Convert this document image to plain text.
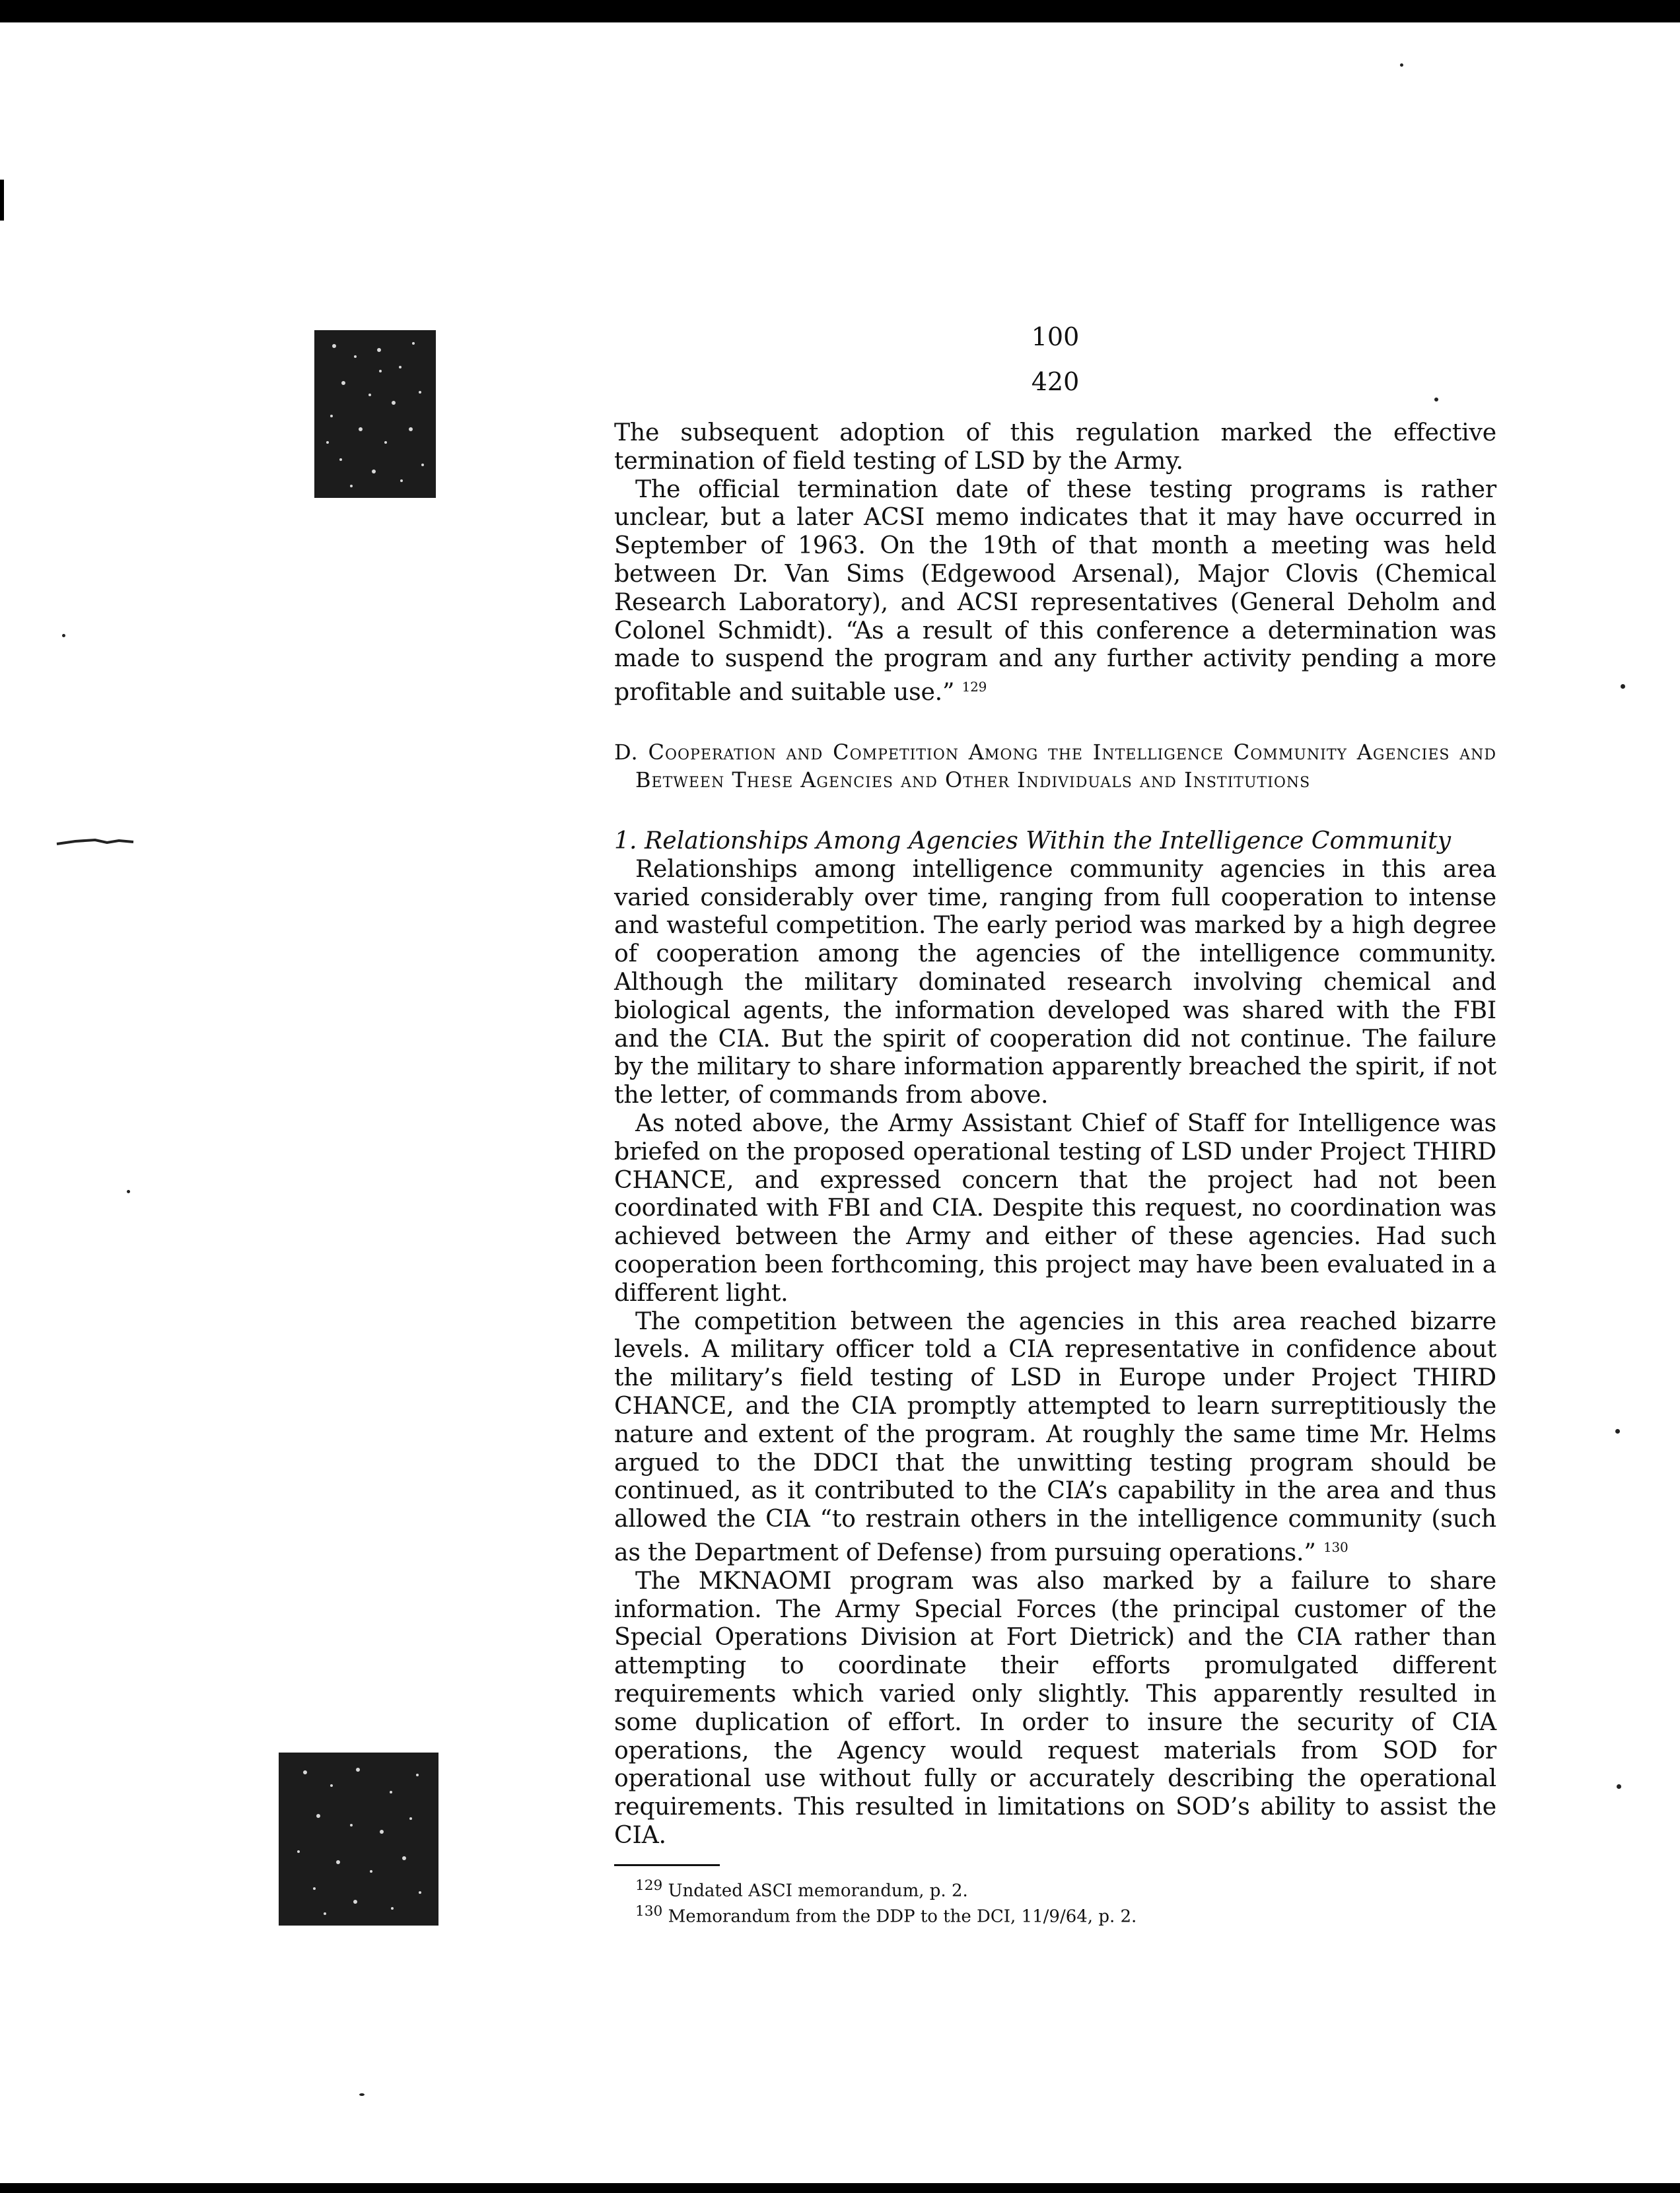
100
420

The subsequent adoption of this regulation marked the effective termination of field testing of LSD by the Army.

The official termination date of these testing programs is rather unclear, but a later ACSI memo indicates that it may have occurred in September of 1963. On the 19th of that month a meeting was held between Dr. Van Sims (Edgewood Arsenal), Major Clovis (Chemical Research Laboratory), and ACSI representatives (General Deholm and Colonel Schmidt). “As a result of this conference a determination was made to suspend the program and any further activity pending a more profitable and suitable use.” $^{129}$

D. Cooperation and Competition Among the Intelligence Community Agencies and Between These Agencies and Other Individuals and Institutions
1. Relationships Among Agencies Within the Intelligence Community

Relationships among intelligence community agencies in this area varied considerably over time, ranging from full cooperation to intense and wasteful competition. The early period was marked by a high degree of cooperation among the agencies of the intelligence community. Although the military dominated research involving chemical and biological agents, the information developed was shared with the FBI and the CIA. But the spirit of cooperation did not continue. The failure by the military to share information apparently breached the spirit, if not the letter, of commands from above.

As noted above, the Army Assistant Chief of Staff for Intelligence was briefed on the proposed operational testing of LSD under Project THIRD CHANCE, and expressed concern that the project had not been coordinated with FBI and CIA. Despite this request, no coordination was achieved between the Army and either of these agencies. Had such cooperation been forthcoming, this project may have been evaluated in a different light.

The competition between the agencies in this area reached bizarre levels. A military officer told a CIA representative in confidence about the military’s field testing of LSD in Europe under Project THIRD CHANCE, and the CIA promptly attempted to learn surreptitiously the nature and extent of the program. At roughly the same time Mr. Helms argued to the DDCI that the unwitting testing program should be continued, as it contributed to the CIA’s capability in the area and thus allowed the CIA “to restrain others in the intelligence community (such as the Department of Defense) from pursuing operations.” $^{130}$

The MKNAOMI program was also marked by a failure to share information. The Army Special Forces (the principal customer of the Special Operations Division at Fort Dietrick) and the CIA rather than attempting to coordinate their efforts promulgated different requirements which varied only slightly. This apparently resulted in some duplication of effort. In order to insure the security of CIA operations, the Agency would request materials from SOD for operational use without fully or accurately describing the operational requirements. This resulted in limitations on SOD’s ability to assist the CIA.

$^{129}$ Undated ASCI memorandum, p. 2.

$^{130}$ Memorandum from the DDP to the DCI, 11/9/64, p. 2.
